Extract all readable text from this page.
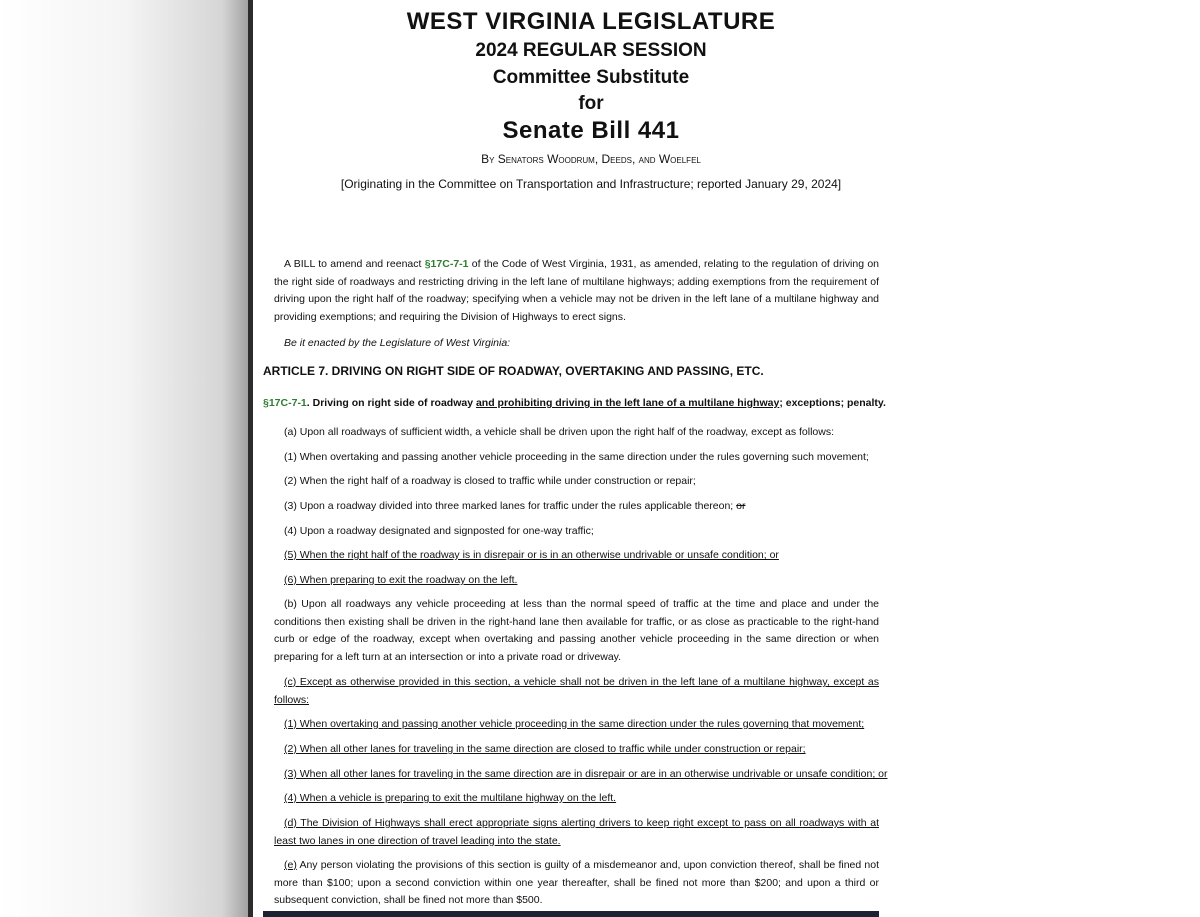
WEST VIRGINIA LEGISLATURE
2024 REGULAR SESSION
Committee Substitute
for
Senate Bill 441
By Senators Woodrum, Deeds, and Woelfel
[Originating in the Committee on Transportation and Infrastructure; reported January 29, 2024]
A BILL to amend and reenact §17C-7-1 of the Code of West Virginia, 1931, as amended, relating to the regulation of driving on the right side of roadways and restricting driving in the left lane of multilane highways; adding exemptions from the requirement of driving upon the right half of the roadway; specifying when a vehicle may not be driven in the left lane of a multilane highway and providing exemptions; and requiring the Division of Highways to erect signs.
Be it enacted by the Legislature of West Virginia:
ARTICLE 7. DRIVING ON RIGHT SIDE OF ROADWAY, OVERTAKING AND PASSING, ETC.
§17C-7-1. Driving on right side of roadway and prohibiting driving in the left lane of a multilane highway; exceptions; penalty.
(a) Upon all roadways of sufficient width, a vehicle shall be driven upon the right half of the roadway, except as follows:
(1) When overtaking and passing another vehicle proceeding in the same direction under the rules governing such movement;
(2) When the right half of a roadway is closed to traffic while under construction or repair;
(3) Upon a roadway divided into three marked lanes for traffic under the rules applicable thereon; or
(4) Upon a roadway designated and signposted for one-way traffic;
(5) When the right half of the roadway is in disrepair or is in an otherwise undrivable or unsafe condition; or
(6) When preparing to exit the roadway on the left.
(b) Upon all roadways any vehicle proceeding at less than the normal speed of traffic at the time and place and under the conditions then existing shall be driven in the right-hand lane then available for traffic, or as close as practicable to the right-hand curb or edge of the roadway, except when overtaking and passing another vehicle proceeding in the same direction or when preparing for a left turn at an intersection or into a private road or driveway.
(c) Except as otherwise provided in this section, a vehicle shall not be driven in the left lane of a multilane highway, except as follows:
(1) When overtaking and passing another vehicle proceeding in the same direction under the rules governing that movement;
(2) When all other lanes for traveling in the same direction are closed to traffic while under construction or repair;
(3) When all other lanes for traveling in the same direction are in disrepair or are in an otherwise undrivable or unsafe condition; or
(4) When a vehicle is preparing to exit the multilane highway on the left.
(d) The Division of Highways shall erect appropriate signs alerting drivers to keep right except to pass on all roadways with at least two lanes in one direction of travel leading into the state.
(e) Any person violating the provisions of this section is guilty of a misdemeanor and, upon conviction thereof, shall be fined not more than $100; upon a second conviction within one year thereafter, shall be fined not more than $200; and upon a third or subsequent conviction, shall be fined not more than $500.
